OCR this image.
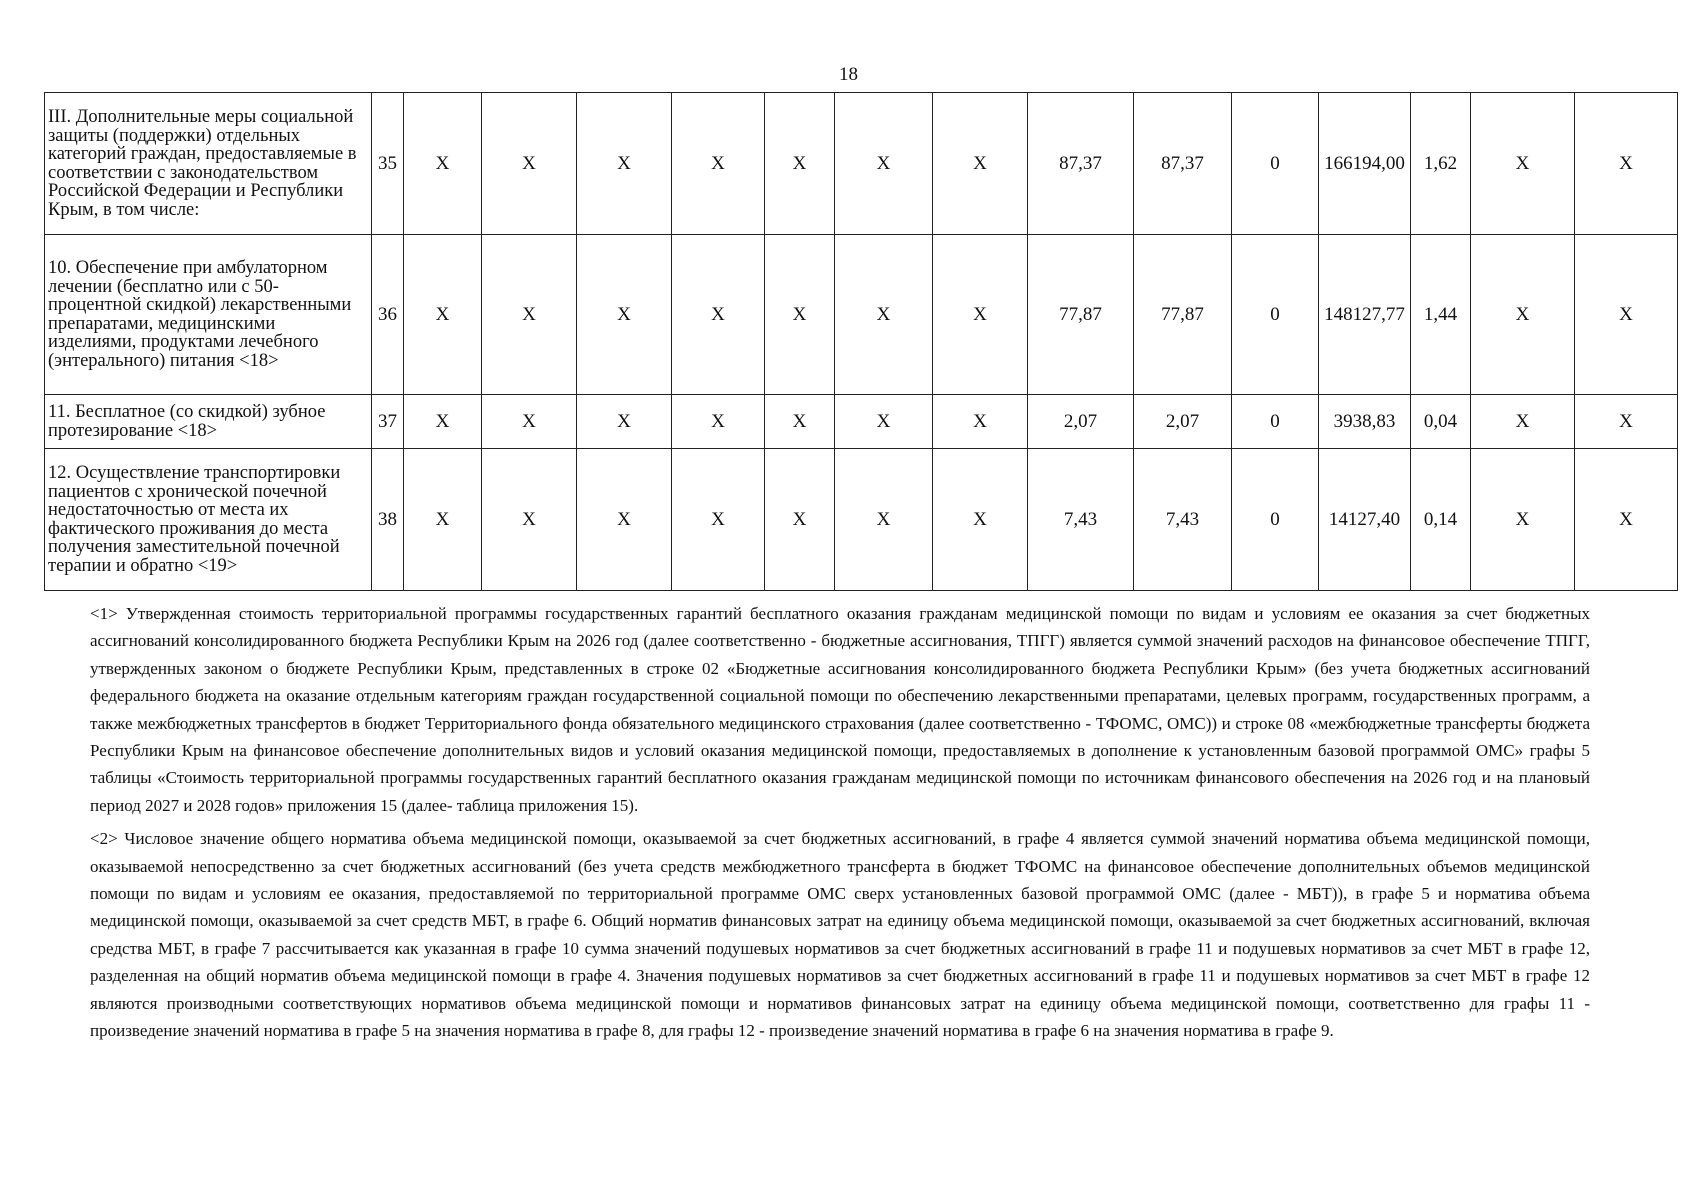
18
III. Дополнительные меры социальной защиты (поддержки) отдельных категорий граждан, предоставляемые в соответствии с законодательством Российской Федерации и Республики Крым, в том числе:	35	Х	Х	Х	Х	Х	Х	Х	87,37	87,37	0	166194,00	1,62	Х	Х
10. Обеспечение при амбулаторном лечении (бесплатно или с 50- процентной скидкой) лекарственными препаратами, медицинскими изделиями, продуктами лечебного (энтерального) питания <18>	36	Х	Х	Х	Х	Х	Х	Х	77,87	77,87	0	148127,77	1,44	Х	Х
11. Бесплатное (со скидкой) зубное протезирование <18>	37	Х	Х	Х	Х	Х	Х	Х	2,07	2,07	0	3938,83	0,04	Х	Х
12. Осуществление транспортировки пациентов с хронической почечной недостаточностью от места их фактического проживания до места получения заместительной почечной терапии и обратно <19>	38	Х	Х	Х	Х	Х	Х	Х	7,43	7,43	0	14127,40	0,14	Х	Х

<1> Утвержденная стоимость территориальной программы государственных гарантий бесплатного оказания гражданам медицинской помощи по видам и условиям ее оказания за счет бюджетных ассигнований консолидированного бюджета Республики Крым на 2026 год (далее соответственно - бюджетные ассигнования, ТПГГ) является суммой значений расходов на финансовое обеспечение ТПГГ, утвержденных законом о бюджете Республики Крым, представленных в строке 02 «Бюджетные ассигнования консолидированного бюджета Республики Крым» (без учета бюджетных ассигнований федерального бюджета на оказание отдельным категориям граждан государственной социальной помощи по обеспечению лекарственными препаратами, целевых программ, государственных программ, а также межбюджетных трансфертов в бюджет Территориального фонда обязательного медицинского страхования (далее соответственно - ТФОМС, ОМС)) и строке 08 «межбюджетные трансферты бюджета Республики Крым на финансовое обеспечение дополнительных видов и условий оказания медицинской помощи, предоставляемых в дополнение к установленным базовой программой ОМС» графы 5 таблицы «Стоимость территориальной программы государственных гарантий бесплатного оказания гражданам медицинской помощи по источникам финансового обеспечения на 2026 год и на плановый период 2027 и 2028 годов» приложения 15 (далее- таблица приложения 15).

<2> Числовое значение общего норматива объема медицинской помощи, оказываемой за счет бюджетных ассигнований, в графе 4 является суммой значений норматива объема медицинской помощи, оказываемой непосредственно за счет бюджетных ассигнований (без учета средств межбюджетного трансферта в бюджет ТФОМС на финансовое обеспечение дополнительных объемов медицинской помощи по видам и условиям ее оказания, предоставляемой по территориальной программе ОМС сверх установленных базовой программой ОМС (далее - МБТ)), в графе 5 и норматива объема медицинской помощи, оказываемой за счет средств МБТ, в графе 6. Общий норматив финансовых затрат на единицу объема медицинской помощи, оказываемой за счет бюджетных ассигнований, включая средства МБТ, в графе 7 рассчитывается как указанная в графе 10 сумма значений подушевых нормативов за счет бюджетных ассигнований в графе 11 и подушевых нормативов за счет МБТ в графе 12, разделенная на общий норматив объема медицинской помощи в графе 4. Значения подушевых нормативов за счет бюджетных ассигнований в графе 11 и подушевых нормативов за счет МБТ в графе 12 являются производными соответствующих нормативов объема медицинской помощи и нормативов финансовых затрат на единицу объема медицинской помощи, соответственно для графы 11 - произведение значений норматива в графе 5 на значения норматива в графе 8, для графы 12 - произведение значений норматива в графе 6 на значения норматива в графе 9.
